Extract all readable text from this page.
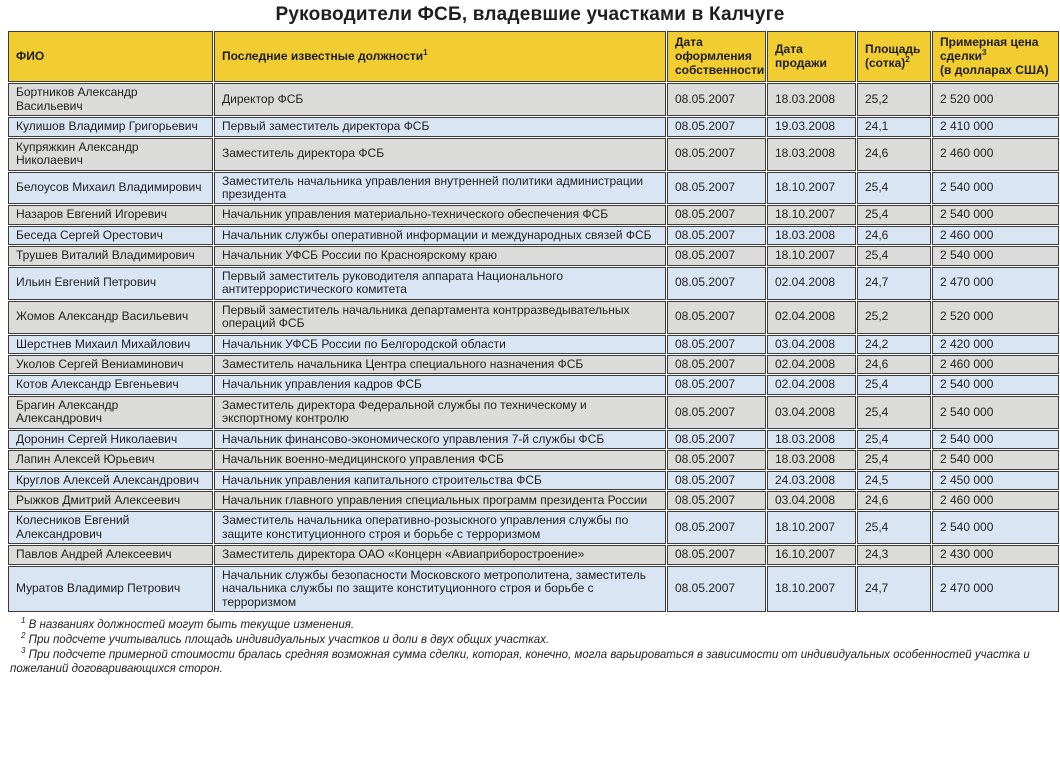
Руководители ФСБ, владевшие участками в Калчуге
ФИО	Последние известные должности$^1$	Дата оформления собственности	Дата продажи	Площадь (сотка)$^2$	Примерная цена сделки$^3$
(в долларах США)

Бортников Александр Васильевич	Директор ФСБ	08.05.2007	18.03.2008	25,2	2 520 000
Кулишов Владимир Григорьевич	Первый заместитель директора ФСБ	08.05.2007	19.03.2008	24,1	2 410 000
Купряжкин Александр Николаевич	Заместитель директора ФСБ	08.05.2007	18.03.2008	24,6	2 460 000
Белоусов Михаил Владимирович	Заместитель начальника управления внутренней политики администрации президента	08.05.2007	18.10.2007	25,4	2 540 000
Назаров Евгений Игоревич	Начальник управления материально-технического обеспечения ФСБ	08.05.2007	18.10.2007	25,4	2 540 000
Беседа Сергей Орестович	Начальник службы оперативной информации и международных связей ФСБ	08.05.2007	18.03.2008	24,6	2 460 000
Трушев Виталий Владимирович	Начальник УФСБ России по Красноярскому краю	08.05.2007	18.10.2007	25,4	2 540 000
Ильин Евгений Петрович	Первый заместитель руководителя аппарата Национального антитеррористического комитета	08.05.2007	02.04.2008	24,7	2 470 000
Жомов Александр Васильевич	Первый заместитель начальника департамента контрразведывательных операций ФСБ	08.05.2007	02.04.2008	25,2	2 520 000
Шерстнев Михаил Михайлович	Начальник УФСБ России по Белгородской области	08.05.2007	03.04.2008	24,2	2 420 000
Уколов Сергей Вениаминович	Заместитель начальника Центра специального назначения ФСБ	08.05.2007	02.04.2008	24,6	2 460 000
Котов Александр Евгеньевич	Начальник управления кадров ФСБ	08.05.2007	02.04.2008	25,4	2 540 000
Брагин Александр Александрович	Заместитель директора Федеральной службы по техническому и экспортному контролю	08.05.2007	03.04.2008	25,4	2 540 000
Доронин Сергей Николаевич	Начальник финансово-экономического управления 7-й службы ФСБ	08.05.2007	18.03.2008	25,4	2 540 000
Лапин Алексей Юрьевич	Начальник военно-медицинского управления ФСБ	08.05.2007	18.03.2008	25,4	2 540 000
Круглов Алексей Александрович	Начальник управления капитального строительства ФСБ	08.05.2007	24.03.2008	24,5	2 450 000
Рыжков Дмитрий Алексеевич	Начальник главного управления специальных программ президента России	08.05.2007	03.04.2008	24,6	2 460 000
Колесников Евгений Александрович	Заместитель начальника оперативно-розыскного управления службы по защите конституционного строя и борьбе с терроризмом	08.05.2007	18.10.2007	25,4	2 540 000
Павлов Андрей Алексеевич	Заместитель директора ОАО «Концерн «Авиаприборостроение»	08.05.2007	16.10.2007	24,3	2 430 000
Муратов Владимир Петрович	Начальник службы безопасности Московского метрополитена, заместитель начальника службы по защите конституционного строя и борьбе с терроризмом	08.05.2007	18.10.2007	24,7	2 470 000

$^1$ В названиях должностей могут быть текущие изменения.

$^2$ При подсчете учитывались площадь индивидуальных участков и доли в двух общих участках.

$^3$ При подсчете примерной стоимости бралась средняя возможная сумма сделки, которая, конечно, могла варьироваться в зависимости от индивидуальных особенностей участка и пожеланий договаривающихся сторон.
